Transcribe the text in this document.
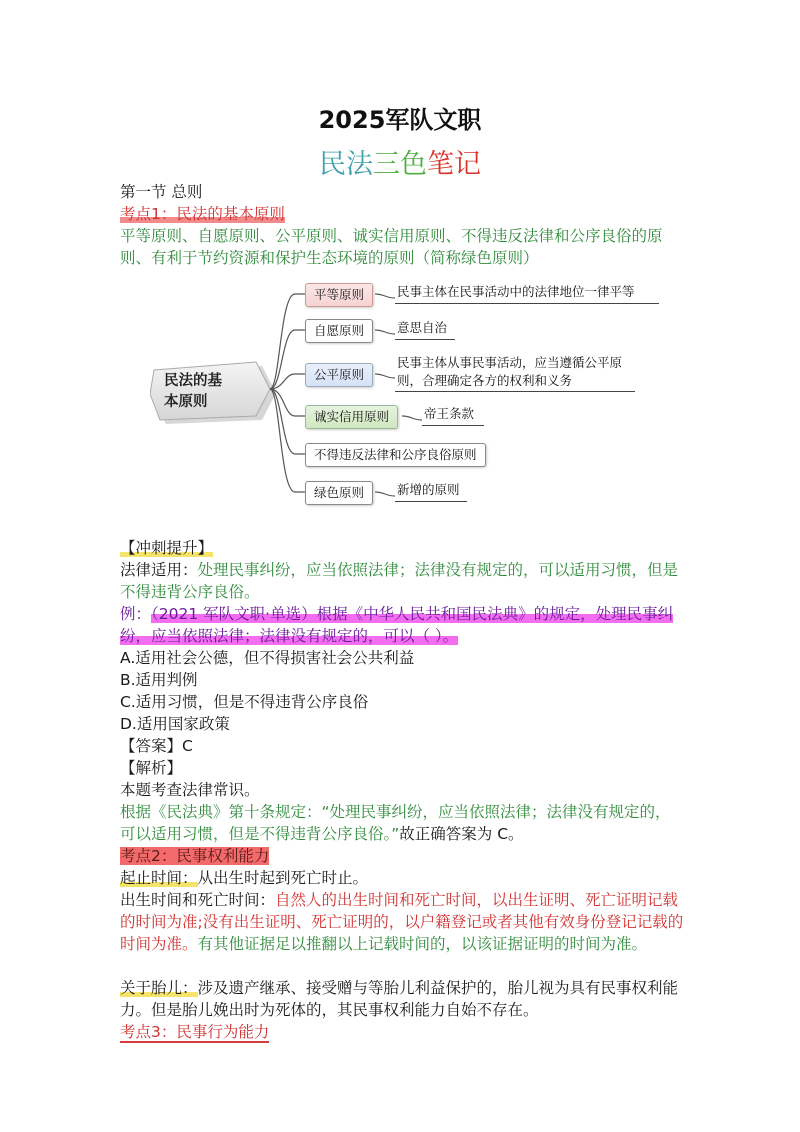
2025军队文职
民法三色笔记
第一节 总则
考点1：民法的基本原则
平等原则、自愿原则、公平原则、诚实信用原则、不得违反法律和公序良俗的原则、有利于节约资源和保护生态环境的原则（简称绿色原则）
民法的基
本原则
平等原则	民事主体在民事活动中的法律地位一律平等
自愿原则	意思自治
公平原则
民事主体从事民事活动，应当遵循公平原
则，合理确定各方的权利和义务
诚实信用原则	帝王条款
不得违反法律和公序良俗原则
绿色原则	新增的原则
【冲刺提升】
法律适用：处理民事纠纷，应当依照法律；法律没有规定的，可以适用习惯，但是不得违背公序良俗。
例：（2021 军队文职·单选）根据《中华人民共和国民法典》的规定，处理民事纠纷，应当依照法律；法律没有规定的，可以（ ）。
A.适用社会公德，但不得损害社会公共利益
B.适用判例
C.适用习惯，但是不得违背公序良俗
D.适用国家政策
【答案】C
【解析】
本题考查法律常识。
根据《民法典》第十条规定：“处理民事纠纷，应当依照法律；法律没有规定的，可以适用习惯，但是不得违背公序良俗。”故正确答案为 C。
考点2：民事权利能力
起止时间：从出生时起到死亡时止。
出生时间和死亡时间：自然人的出生时间和死亡时间，以出生证明、死亡证明记载的时间为准;没有出生证明、死亡证明的，以户籍登记或者其他有效身份登记记载的时间为准。有其他证据足以推翻以上记载时间的，以该证据证明的时间为准。
关于胎儿：涉及遗产继承、接受赠与等胎儿利益保护的，胎儿视为具有民事权利能力。但是胎儿娩出时为死体的，其民事权利能力自始不存在。
考点3：民事行为能力
